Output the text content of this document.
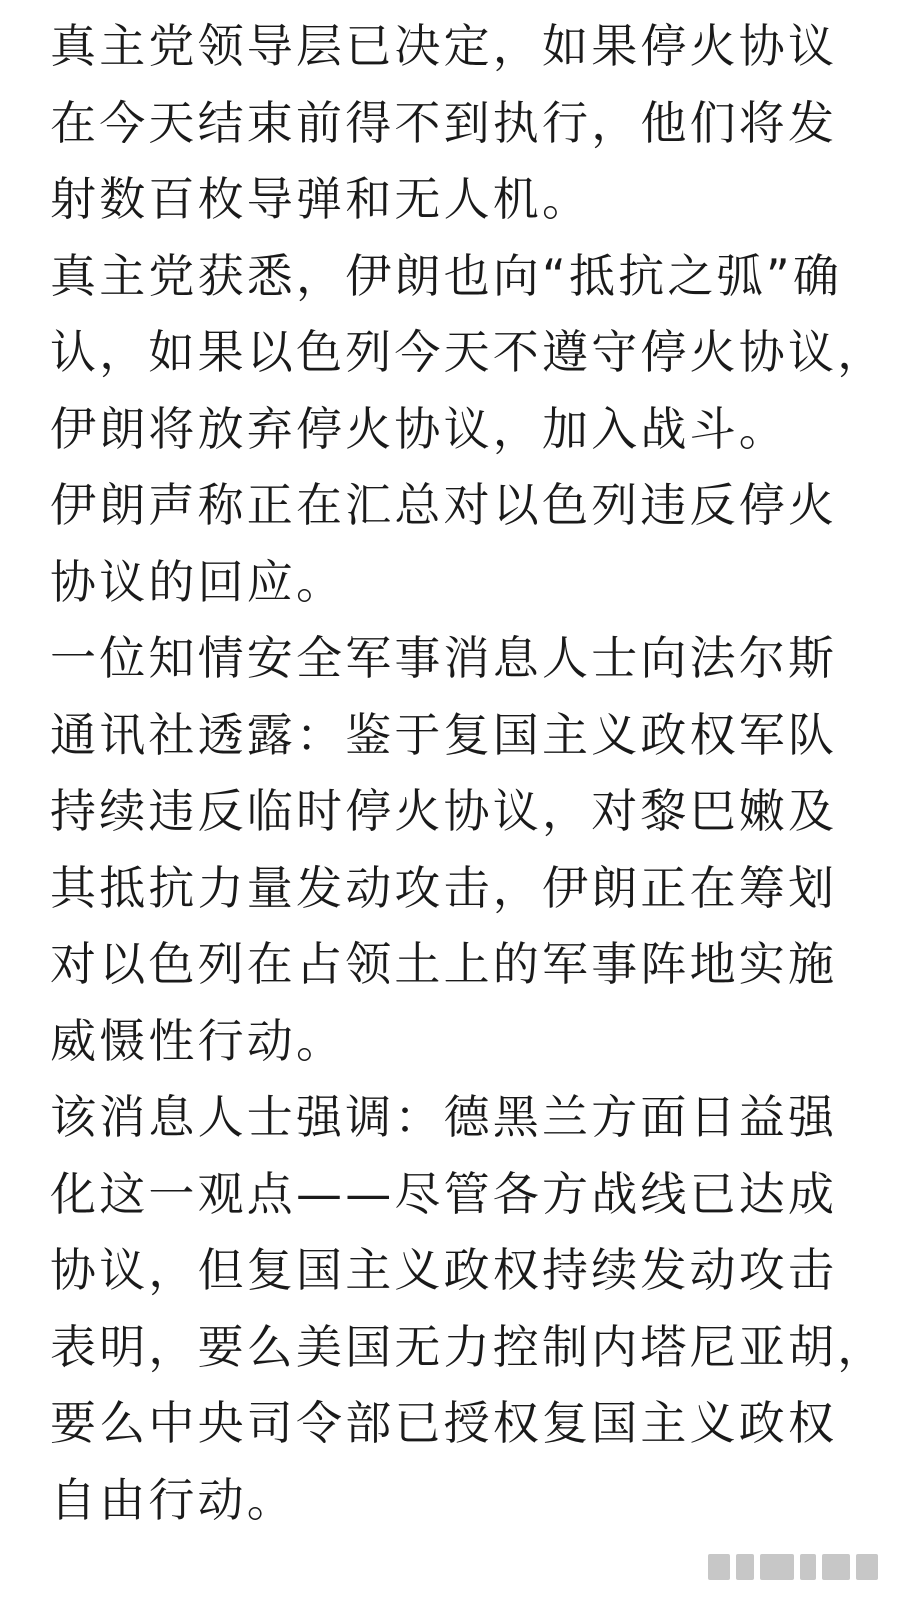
真主党领导层已决定，如果停火协议
在今天结束前得不到执行，他们将发
射数百枚导弹和无人机。
真主党获悉，伊朗也向“抵抗之弧”确
认，如果以色列今天不遵守停火协议，
伊朗将放弃停火协议，加入战斗。
伊朗声称正在汇总对以色列违反停火
协议的回应。
一位知情安全军事消息人士向法尔斯
通讯社透露：鉴于复国主义政权军队
持续违反临时停火协议，对黎巴嫩及
其抵抗力量发动攻击，伊朗正在筹划
对以色列在占领土上的军事阵地实施
威慑性行动。
该消息人士强调：德黑兰方面日益强
化这一观点——尽管各方战线已达成
协议，但复国主义政权持续发动攻击
表明，要么美国无力控制内塔尼亚胡，
要么中央司令部已授权复国主义政权
自由行动。
